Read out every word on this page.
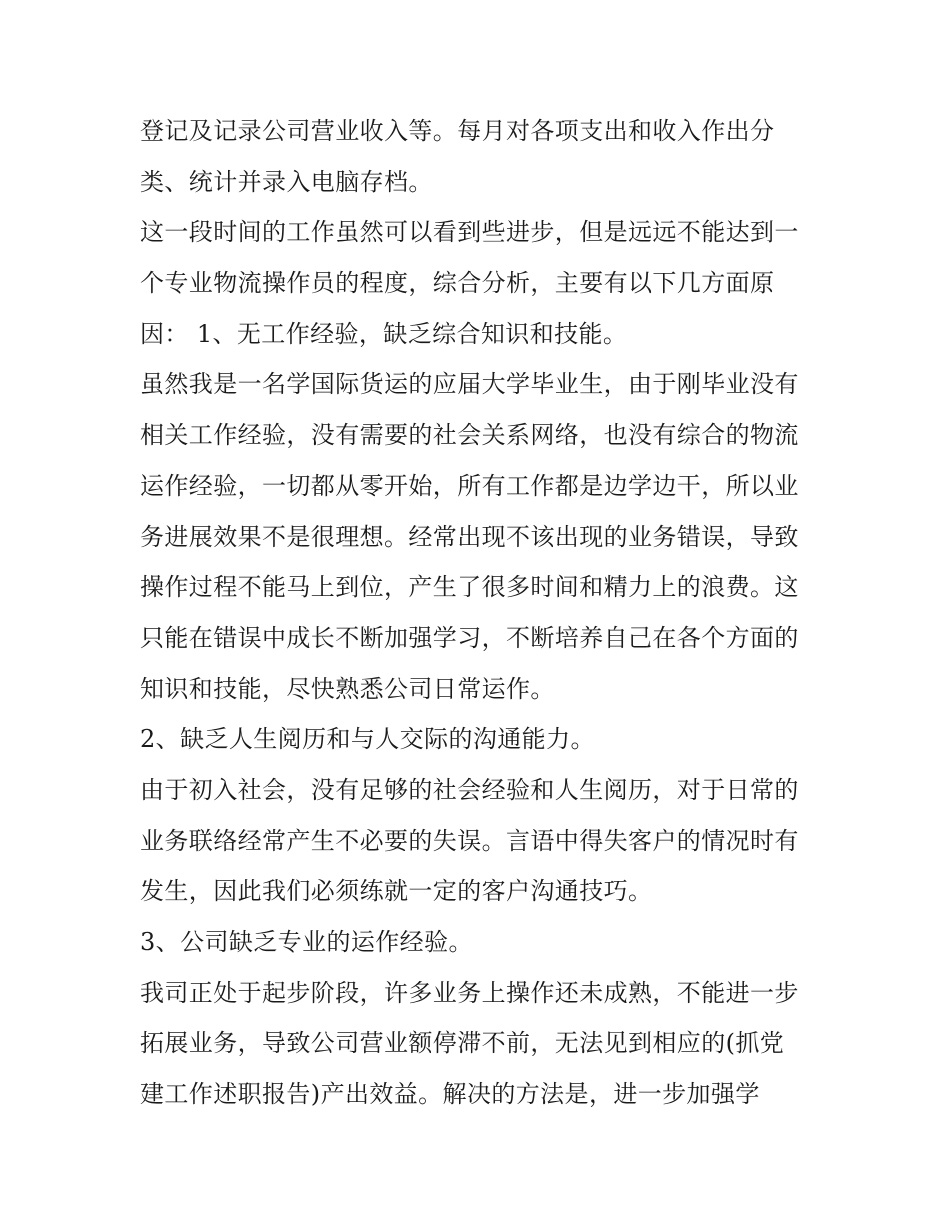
登记及记录公司营业收入等。每月对各项支出和收入作出分
类、统计并录入电脑存档。
这一段时间的工作虽然可以看到些进步，但是远远不能达到一
个专业物流操作员的程度，综合分析，主要有以下几方面原
因： 1、无工作经验，缺乏综合知识和技能。
虽然我是一名学国际货运的应届大学毕业生，由于刚毕业没有
相关工作经验，没有需要的社会关系网络，也没有综合的物流
运作经验，一切都从零开始，所有工作都是边学边干，所以业
务进展效果不是很理想。经常出现不该出现的业务错误，导致
操作过程不能马上到位，产生了很多时间和精力上的浪费。这
只能在错误中成长不断加强学习，不断培养自己在各个方面的
知识和技能，尽快熟悉公司日常运作。
2、缺乏人生阅历和与人交际的沟通能力。
由于初入社会，没有足够的社会经验和人生阅历，对于日常的
业务联络经常产生不必要的失误。言语中得失客户的情况时有
发生，因此我们必须练就一定的客户沟通技巧。
3、公司缺乏专业的运作经验。
我司正处于起步阶段，许多业务上操作还未成熟，不能进一步
拓展业务，导致公司营业额停滞不前，无法见到相应的(抓党
建工作述职报告)产出效益。解决的方法是，进一步加强学
